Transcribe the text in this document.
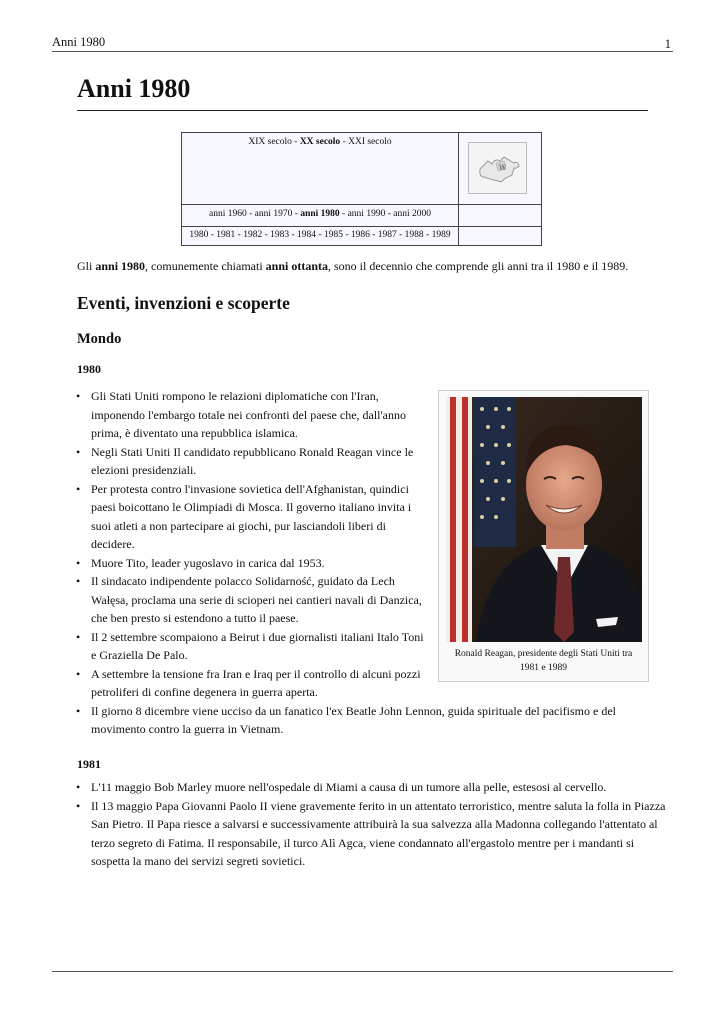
Anni 1980	1
Anni 1980
XIX secolo - XX secolo - XXI secolo
W
anni 1960 - anni 1970 - anni 1980 - anni 1990 - anni 2000
1980 - 1981 - 1982 - 1983 - 1984 - 1985 - 1986 - 1987 - 1988 - 1989

Gli anni 1980, comunemente chiamati anni ottanta, sono il decennio che comprende gli anni tra il 1980 e il 1989.

Eventi, invenzioni e scoperte
Mondo
1980
Ronald Reagan, presidente degli Stati Uniti tra 1981 e 1989
• Gli Stati Uniti rompono le relazioni diplomatiche con l'Iran, imponendo l'embargo totale nei confronti del paese che, dall'anno prima, è diventato una repubblica islamica.
• Negli Stati Uniti Il candidato repubblicano Ronald Reagan vince le elezioni presidenziali.
• Per protesta contro l'invasione sovietica dell'Afghanistan, quindici paesi boicottano le Olimpiadi di Mosca. Il governo italiano invita i suoi atleti a non partecipare ai giochi, pur lasciandoli liberi di decidere.
• Muore Tito, leader yugoslavo in carica dal 1953.
• Il sindacato indipendente polacco Solidarność, guidato da Lech Wałęsa, proclama una serie di scioperi nei cantieri navali di Danzica, che ben presto si estendono a tutto il paese.
• Il 2 settembre scompaiono a Beirut i due giornalisti italiani Italo Toni e Graziella De Palo.
• A settembre la tensione fra Iran e Iraq per il controllo di alcuni pozzi petroliferi di confine degenera in guerra aperta.
• Il giorno 8 dicembre viene ucciso da un fanatico l'ex Beatle John Lennon, guida spirituale del pacifismo e del movimento contro la guerra in Vietnam.
1981
• L'11 maggio Bob Marley muore nell'ospedale di Miami a causa di un tumore alla pelle, estesosi al cervello.
• Il 13 maggio Papa Giovanni Paolo II viene gravemente ferito in un attentato terroristico, mentre saluta la folla in Piazza San Pietro. Il Papa riesce a salvarsi e successivamente attribuirà la sua salvezza alla Madonna collegando l'attentato al terzo segreto di Fatima. Il responsabile, il turco Alì Agca, viene condannato all'ergastolo mentre per i mandanti si sospetta la mano dei servizi segreti sovietici.
